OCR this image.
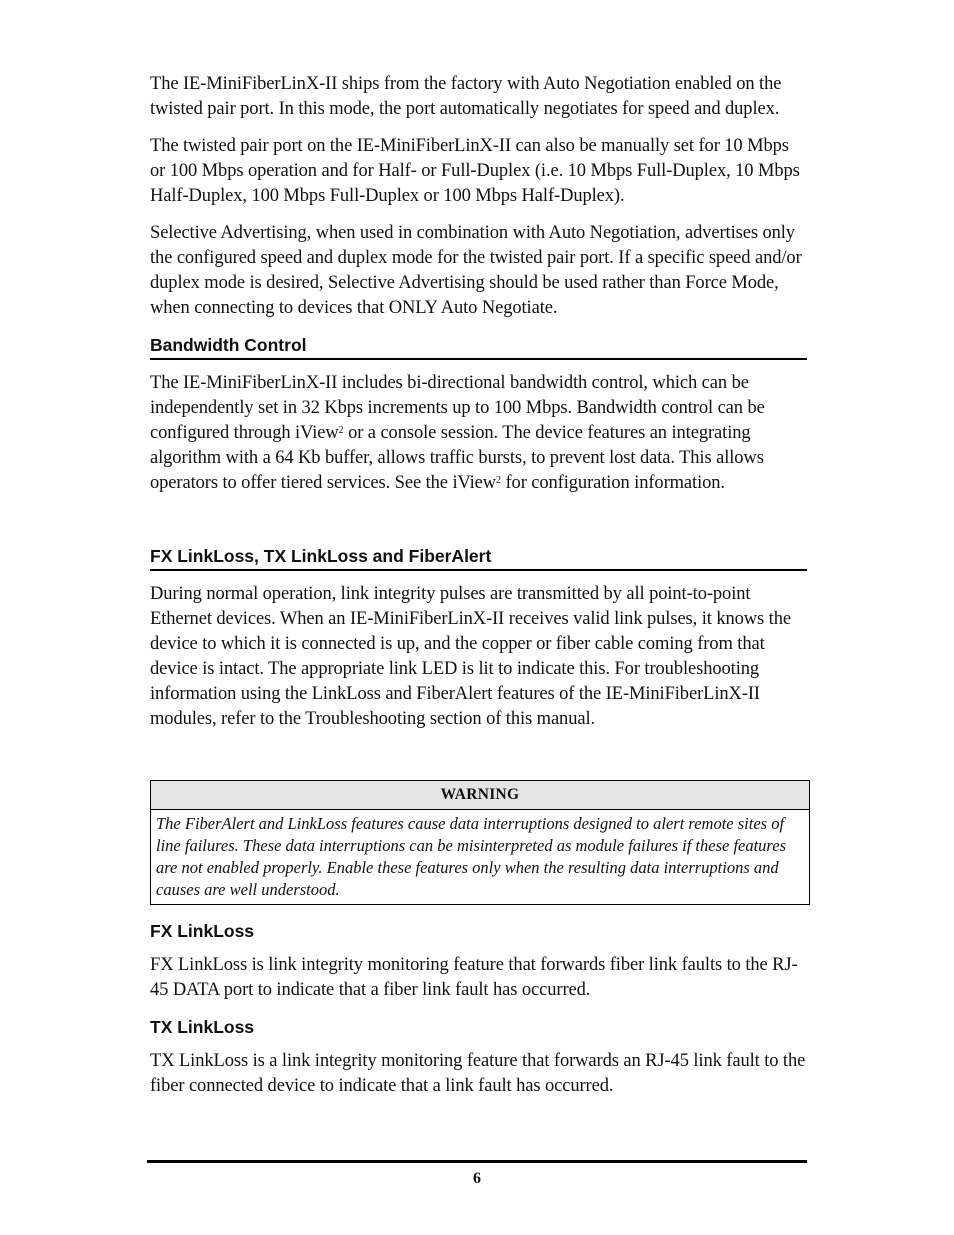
The IE-MiniFiberLinX-II ships from the factory with Auto Negotiation enabled on the twisted pair port. In this mode, the port automatically negotiates for speed and duplex.

The twisted pair port on the IE-MiniFiberLinX-II can also be manually set for 10 Mbps or 100 Mbps operation and for Half- or Full-Duplex (i.e. 10 Mbps Full-Duplex, 10 Mbps Half-Duplex, 100 Mbps Full-Duplex or 100 Mbps Half-Duplex).

Selective Advertising, when used in combination with Auto Negotiation, advertises only the configured speed and duplex mode for the twisted pair port. If a specific speed and/or duplex mode is desired, Selective Advertising should be used rather than Force Mode, when connecting to devices that ONLY Auto Negotiate.

Bandwidth Control

The IE-MiniFiberLinX-II includes bi-directional bandwidth control, which can be independently set in 32 Kbps increments up to 100 Mbps. Bandwidth control can be configured through iView$^2$ or a console session. The device features an integrating algorithm with a 64 Kb buffer, allows traffic bursts, to prevent lost data. This allows operators to offer tiered services. See the iView$^2$ for configuration information.

FX LinkLoss, TX LinkLoss and FiberAlert

During normal operation, link integrity pulses are transmitted by all point-to-point Ethernet devices. When an IE-MiniFiberLinX-II receives valid link pulses, it knows the device to which it is connected is up, and the copper or fiber cable coming from that device is intact. The appropriate link LED is lit to indicate this. For troubleshooting information using the LinkLoss and FiberAlert features of the IE-MiniFiberLinX-II modules, refer to the Troubleshooting section of this manual.

WARNING
The FiberAlert and LinkLoss features cause data interruptions designed to alert remote sites of line failures. These data interruptions can be misinterpreted as module failures if these features are not enabled properly. Enable these features only when the resulting data interruptions and causes are well understood.
FX LinkLoss

FX LinkLoss is link integrity monitoring feature that forwards fiber link faults to the RJ-45 DATA port to indicate that a fiber link fault has occurred.

TX LinkLoss

TX LinkLoss is a link integrity monitoring feature that forwards an RJ-45 link fault to the fiber connected device to indicate that a link fault has occurred.

6
